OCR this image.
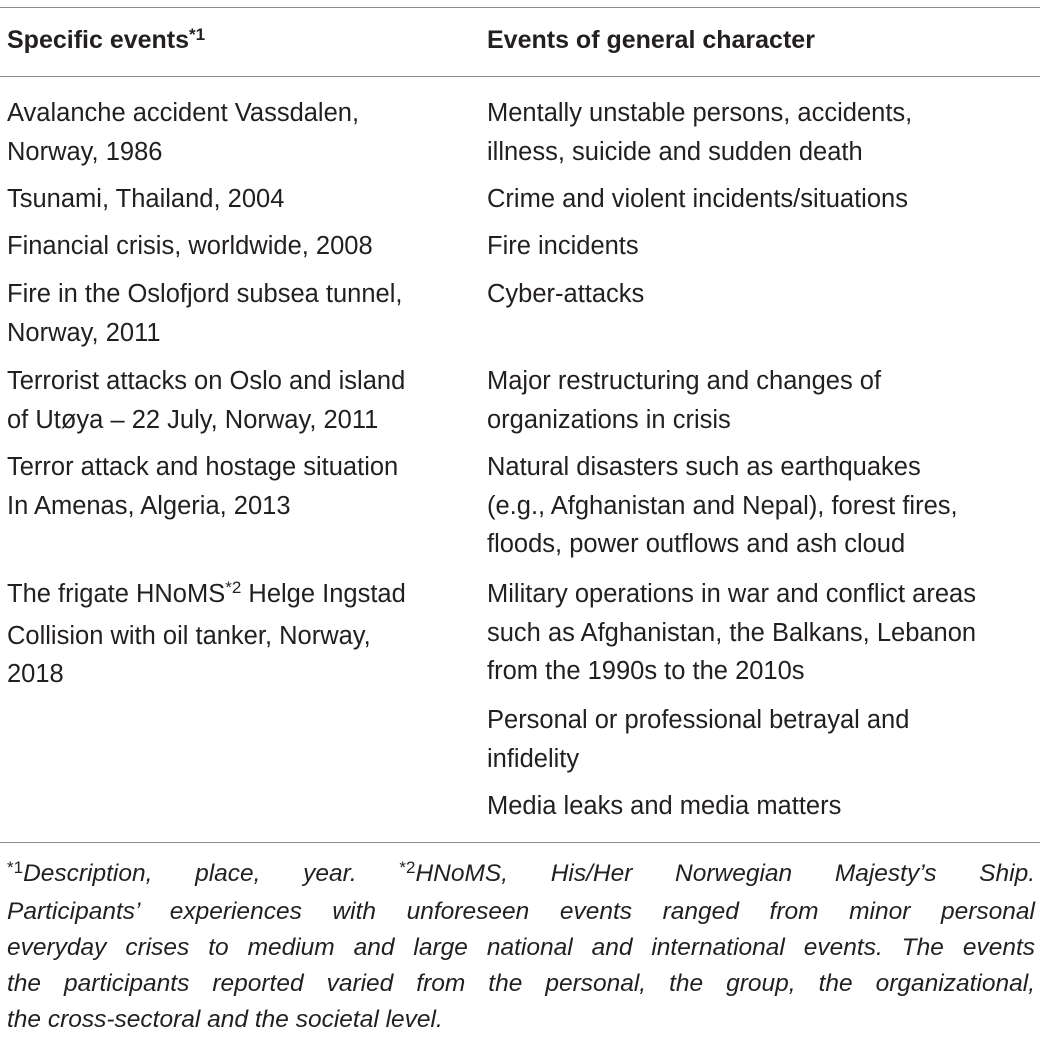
Specific events$^{*1}$	Events of general character
Avalanche accident Vassdalen,
Norway, 1986
Tsunami, Thailand, 2004
Financial crisis, worldwide, 2008
Fire in the Oslofjord subsea tunnel,
Norway, 2011
Terrorist attacks on Oslo and island
of Utøya – 22 July, Norway, 2011
Terror attack and hostage situation
In Amenas, Algeria, 2013
The frigate HNoMS$^{*2}$ Helge Ingstad
Collision with oil tanker, Norway,
2018
Mentally unstable persons, accidents,
illness, suicide and sudden death
Crime and violent incidents/situations
Fire incidents
Cyber-attacks
Major restructuring and changes of
organizations in crisis
Natural disasters such as earthquakes
(e.g., Afghanistan and Nepal), forest fires,
floods, power outflows and ash cloud
Military operations in war and conflict areas
such as Afghanistan, the Balkans, Lebanon
from the 1990s to the 2010s
Personal or professional betrayal and
infidelity
Media leaks and media matters
$^{*1}$Description, place, year.	$^{*2}$HNoMS, His/Her Norwegian Majesty’s Ship.
Participants’ experiences with unforeseen events ranged from minor personal
everyday crises to medium and large national and international events. The events
the participants reported varied from the personal, the group, the organizational,
the cross-sectoral and the societal level.
